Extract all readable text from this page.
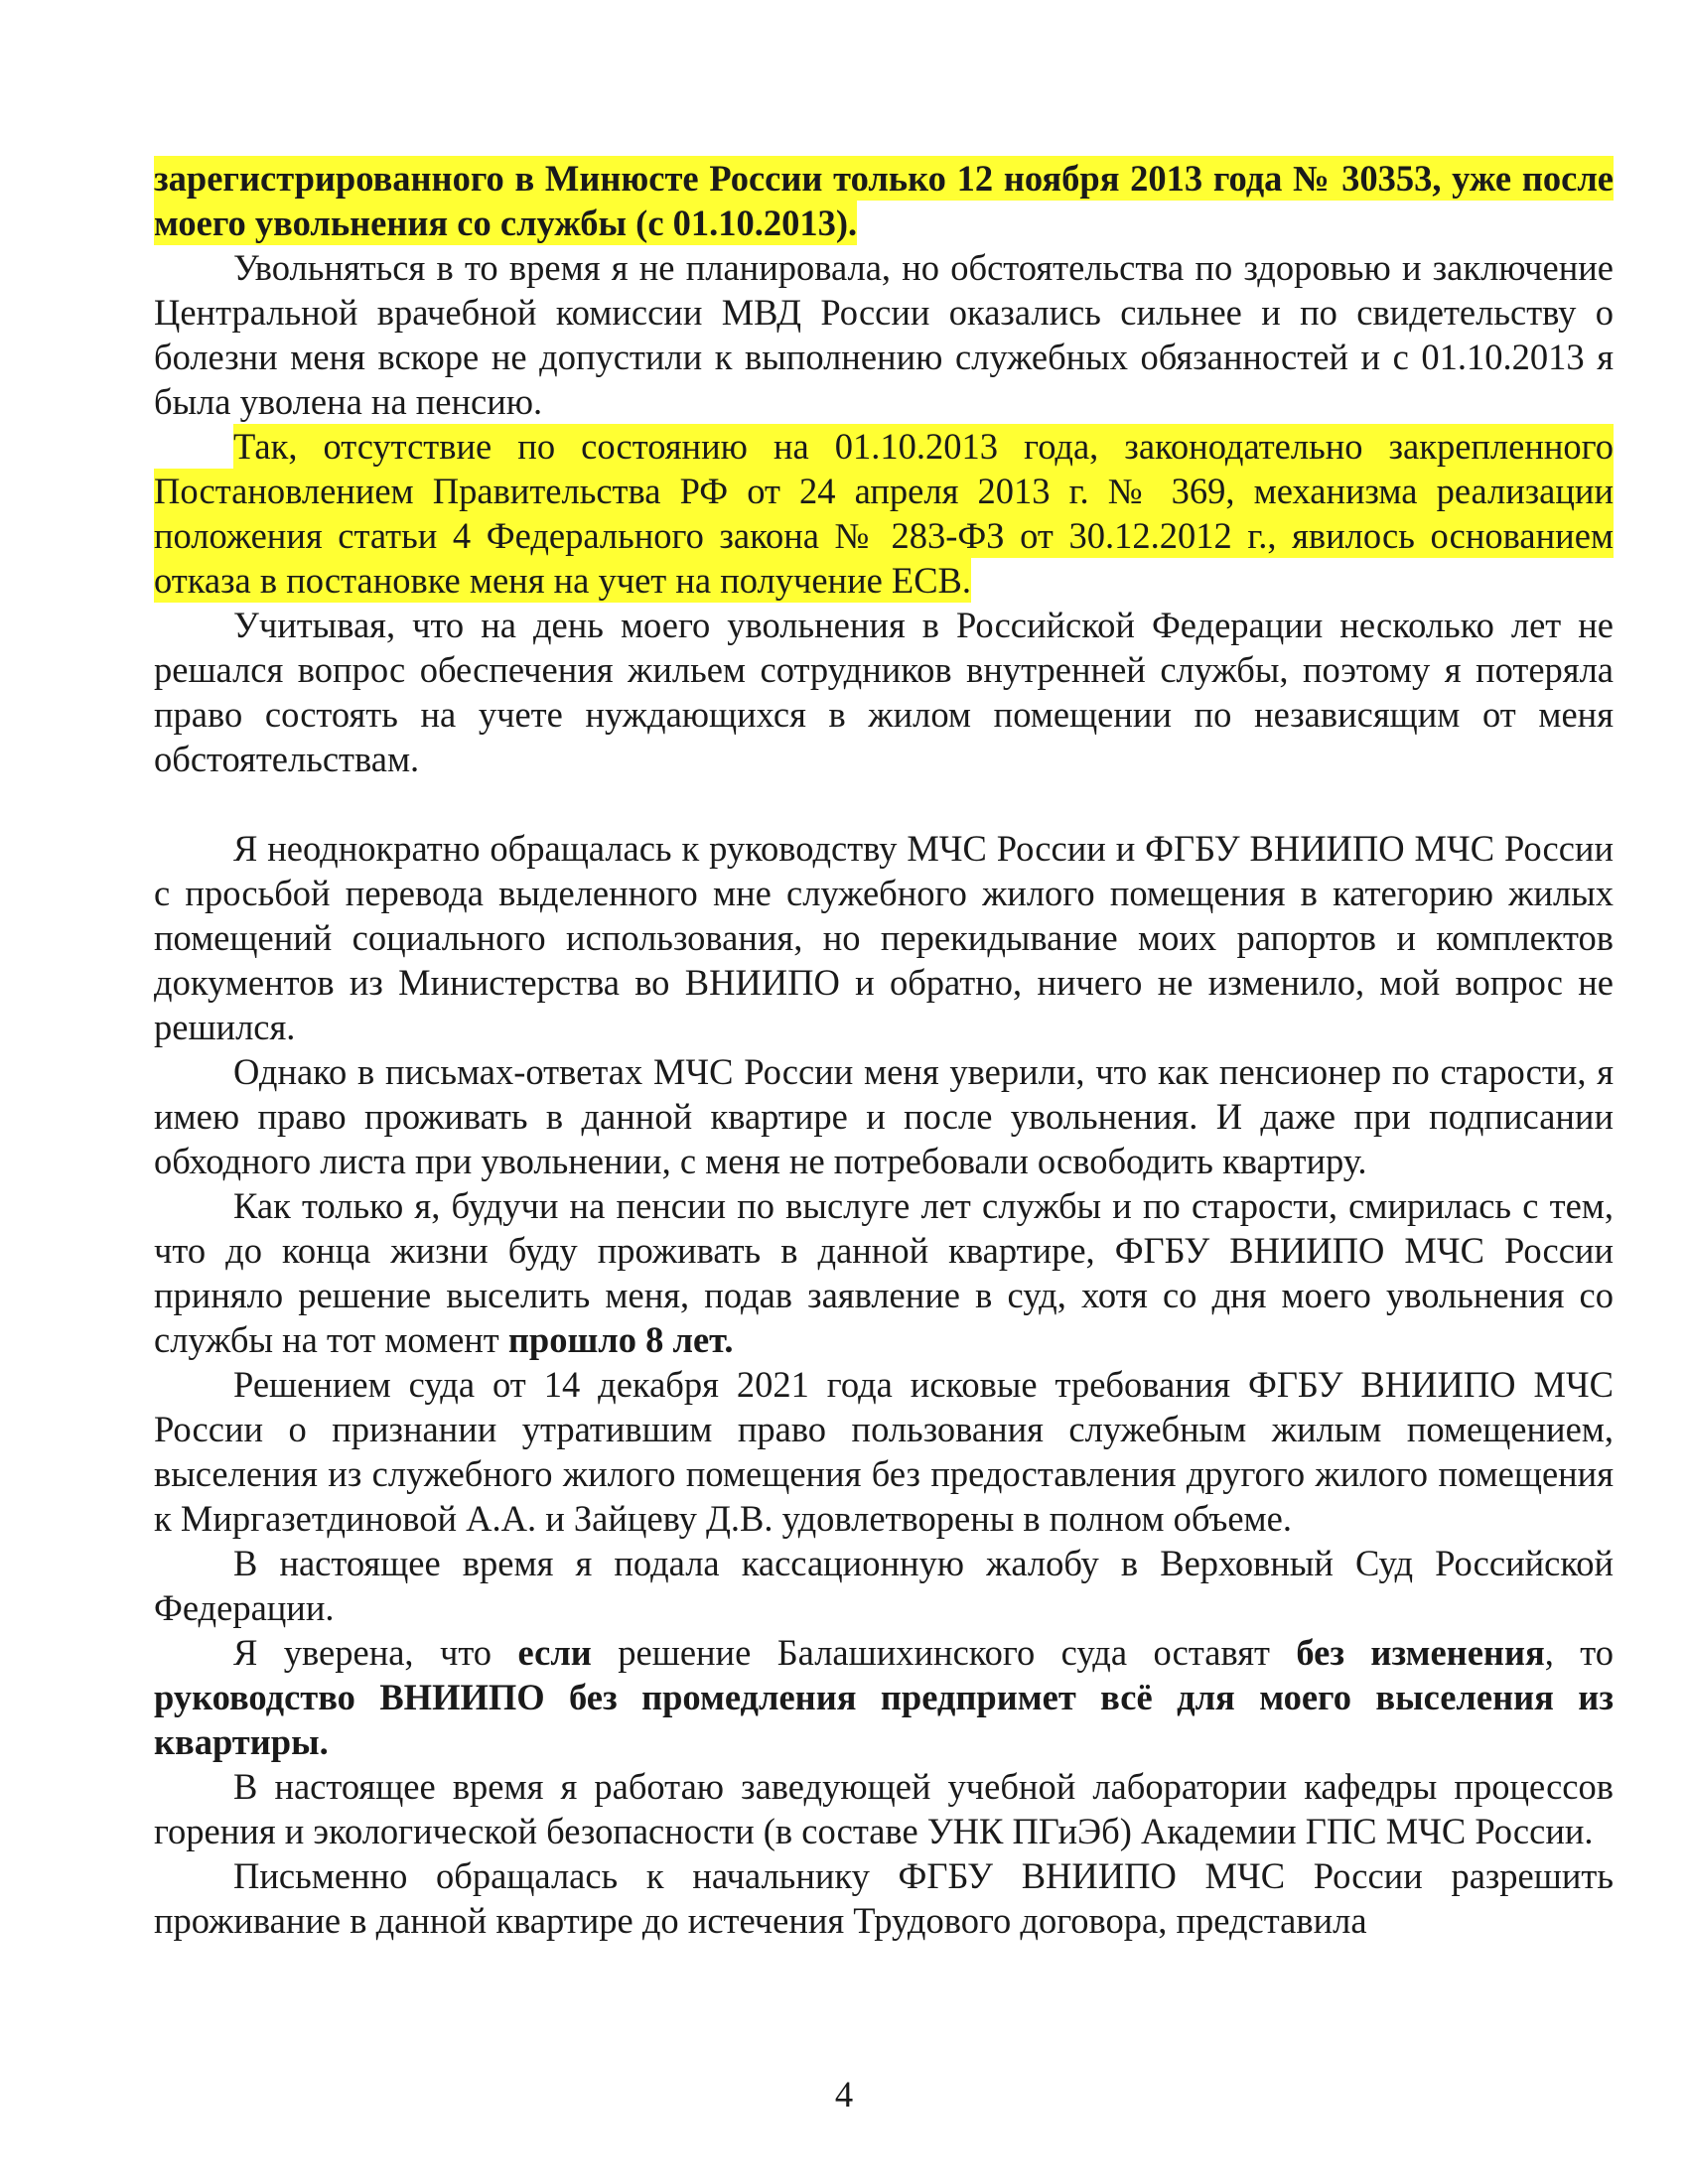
зарегистрированного в Минюсте России только 12 ноября 2013 года № 30353, уже после моего увольнения со службы (с 01.10.2013).

Увольняться в то время я не планировала, но обстоятельства по здоровью и заключение Центральной врачебной комиссии МВД России оказались сильнее и по свидетельству о болезни меня вскоре не допустили к выполнению служебных обязанностей и с 01.10.2013 я была уволена на пенсию.

Так, отсутствие по состоянию на 01.10.2013 года, законодательно закрепленного Постановлением Правительства РФ от 24 апреля 2013 г. № 369, механизма реализации положения статьи 4 Федерального закона № 283-ФЗ от 30.12.2012 г., явилось основанием отказа в постановке меня на учет на получение ЕСВ.

Учитывая, что на день моего увольнения в Российской Федерации несколько лет не решался вопрос обеспечения жильем сотрудников внутренней службы, поэтому я потеряла право состоять на учете нуждающихся в жилом помещении по независящим от меня обстоятельствам.

Я неоднократно обращалась к руководству МЧС России и ФГБУ ВНИИПО МЧС России с просьбой перевода выделенного мне служебного жилого помещения в категорию жилых помещений социального использования, но перекидывание моих рапортов и комплектов документов из Министерства во ВНИИПО и обратно, ничего не изменило, мой вопрос не решился.

Однако в письмах-ответах МЧС России меня уверили, что как пенсионер по старости, я имею право проживать в данной квартире и после увольнения. И даже при подписании обходного листа при увольнении, с меня не потребовали освободить квартиру.

Как только я, будучи на пенсии по выслуге лет службы и по старости, смирилась с тем, что до конца жизни буду проживать в данной квартире, ФГБУ ВНИИПО МЧС России приняло решение выселить меня, подав заявление в суд, хотя со дня моего увольнения со службы на тот момент прошло 8 лет.

Решением суда от 14 декабря 2021 года исковые требования ФГБУ ВНИИПО МЧС России о признании утратившим право пользования служебным жилым помещением, выселения из служебного жилого помещения без предоставления другого жилого помещения к Миргазетдиновой А.А. и Зайцеву Д.В. удовлетворены в полном объеме.

В настоящее время я подала кассационную жалобу в Верховный Суд Российской Федерации.

Я уверена, что если решение Балашихинского суда оставят без изменения, то руководство ВНИИПО без промедления предпримет всё для моего выселения из квартиры.

В настоящее время я работаю заведующей учебной лаборатории кафедры процессов горения и экологической безопасности (в составе УНК ПГиЭб) Академии ГПС МЧС России.

Письменно обращалась к начальнику ФГБУ ВНИИПО МЧС России разрешить проживание в данной квартире до истечения Трудового договора, представила

4
